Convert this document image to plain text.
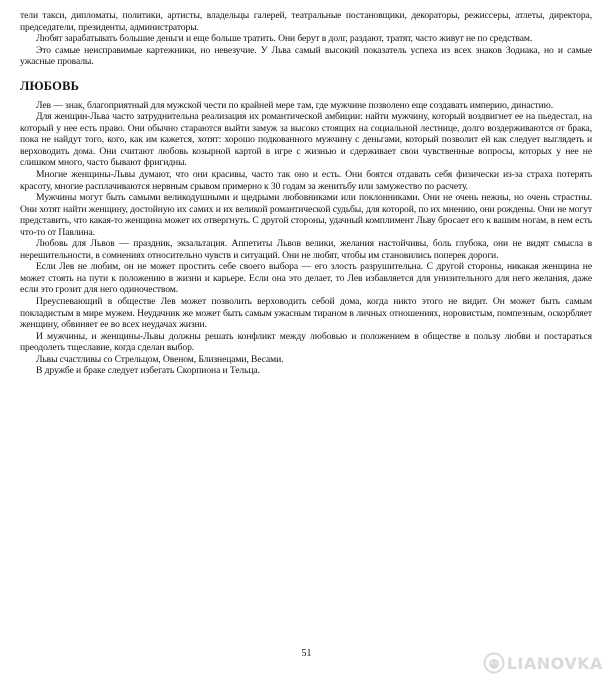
тели такси, дипломаты, политики, артисты, владельцы галерей, театральные постановщики, декораторы, режиссеры, атлеты, директора, председатели, президенты, администраторы.

Любят зарабатывать большие деньги и еще больше тратить. Они берут в долг, раздают, тратят, часто живут не по средствам.

Это самые неисправимые картежники, но невезучие. У Льва самый высокий показатель успеха из всех знаков Зодиака, но и самые ужасные провалы.

ЛЮБОВЬ

Лев — знак, благоприятный для мужской чести по крайней мере там, где мужчине позволено еще создавать империю, династию.

Для женщин-Льва часто затруднительна реализация их романтической амбиции: найти мужчину, который воздвигнет ее на пьедестал, на который у нее есть право. Они обычно стараются выйти замуж за высоко стоящих на социальной лестнице, долго воздерживаются от брака, пока не найдут того, кого, как им кажется, хотят: хорошо подкованного мужчину с деньгами, который позволит ей как следует выглядеть и верховодить дома. Они считают любовь козырной картой в игре с жизнью и сдерживает свои чувственные вопросы, которых у нее не слишком много, часто бывают фригидны.

Многие женщины-Львы думают, что они красивы, часто так оно и есть. Они боятся отдавать себя физически из-за страха потерять красоту, многие расплачиваются нервным срывом примерно к 30 годам за женитьбу или замужество по расчету.

Мужчины могут быть самыми великодушными и щедрыми любовниками или поклонниками. Они не очень нежны, но очень страстны. Они хотят найти женщину, достойную их самих и их великой романтической судьбы, для которой, по их мнению, они рождены. Они не могут представить, что какая-то женщина может их отвергнуть. С другой стороны, удачный комплимент Льву бросает его к вашим ногам, в нем есть что-то от Павлина.

Любовь для Львов — праздник, экзальтация. Аппетиты Львов велики, желания настойчивы, боль глубока, они не видят смысла в нерешительности, в сомнениях относительно чувств и ситуаций. Они не любят, чтобы им становились поперек дороги.

Если Лев не любим, он не может простить себе своего выбора — его злость разрушительна. С другой стороны, никакая женщина не может стоять на пути к положению в жизни и карьере. Если она это делает, то Лев избавляется для унизительного для него желания, даже если это грозит для него одиночеством.

Преуспевающий в обществе Лев может позволить верховодить себой дома, когда никто этого не видит. Он может быть самым покладистым в мире мужем. Неудачник же может быть самым ужасным тираном в личных отношениях, норовистым, помпезным, оскорбляет женщину, обвиняет ее во всех неудачах жизни.

И мужчины, и женщины-Львы должны решать конфликт между любовью и положением в обществе в пользу любви и постараться преодолеть тщеславие, когда сделан выбор.

Львы счастливы со Стрельцом, Овеном, Близнецами, Весами.

В дружбе и браке следует избегать Скорпиона и Тельца.

51	LIANOVKA
